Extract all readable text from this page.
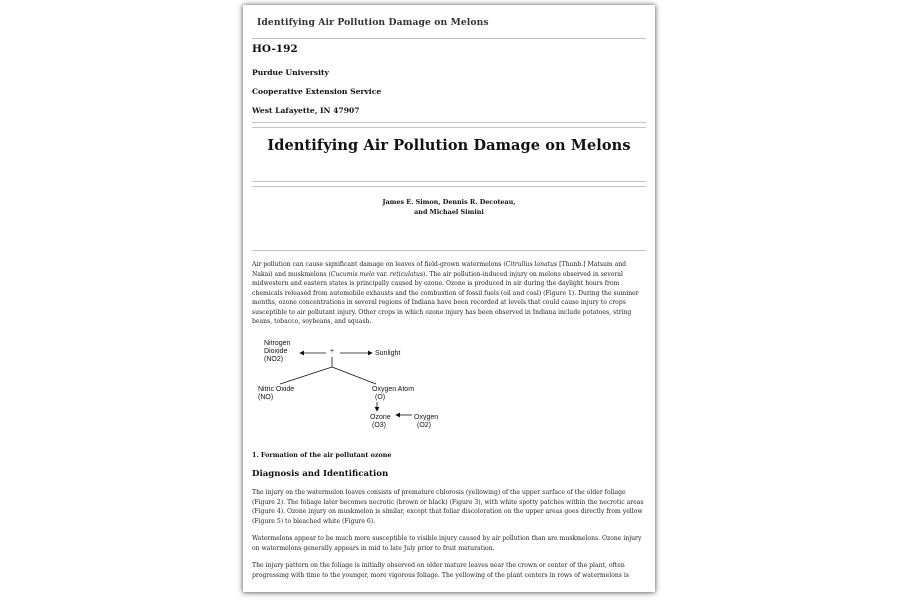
Identifying Air Pollution Damage on Melons
HO-192
Purdue University
Cooperative Extension Service
West Lafayette, IN 47907
Identifying Air Pollution Damage on Melons
James E. Simon, Dennis R. Decoteau,
and Michael Simini
Air pollution can cause significant damage on leaves of field-grown watermelons (Citrullus lanatus [Thunb.] Matsum and Nakai) and muskmelons (Cucumis melo var. reticulatus). The air pollution-induced injury on melons observed in several midwestern and eastern states is principally caused by ozone. Ozone is produced in air during the daylight hours from chemicals released from automobile exhausts and the combustion of fossil fuels (oil and coal) (Figure 1). During the summer months, ozone concentrations in several regions of Indiana have been recorded at levels that could cause injury to crops susceptible to air pollutant injury. Other crops in which ozone injury has been observed in Indiana include potatoes, string beans, tobacco, soybeans, and squash.
Nitrogen
Dioxide
(NO2)
+	Sunlight
Nitric Oxide
(NO)
Oxygen Atom
(O)
Ozone
(O3)
Oxygen
(O2)
1. Formation of the air pollutant ozone
Diagnosis and Identification
The injury on the watermelon leaves consists of premature chlorosis (yellowing) of the upper surface of the older foliage (Figure 2). The foliage later becomes necrotic (brown or black) (Figure 3), with white spotty patches within the necrotic areas (Figure 4). Ozone injury on muskmelon is similar, except that foliar discoloration on the upper areas goes directly from yellow (Figure 5) to bleached white (Figure 6).
Watermelons appear to be much more susceptible to visible injury caused by air pollution than are muskmelons. Ozone injury on watermelons generally appears in mid to late July prior to fruit maturation.
The injury pattern on the foliage is initially observed on older mature leaves near the crown or center of the plant, often progressing with time to the younger, more vigorous foliage. The yellowing of the plant centers in rows of watermelons is
